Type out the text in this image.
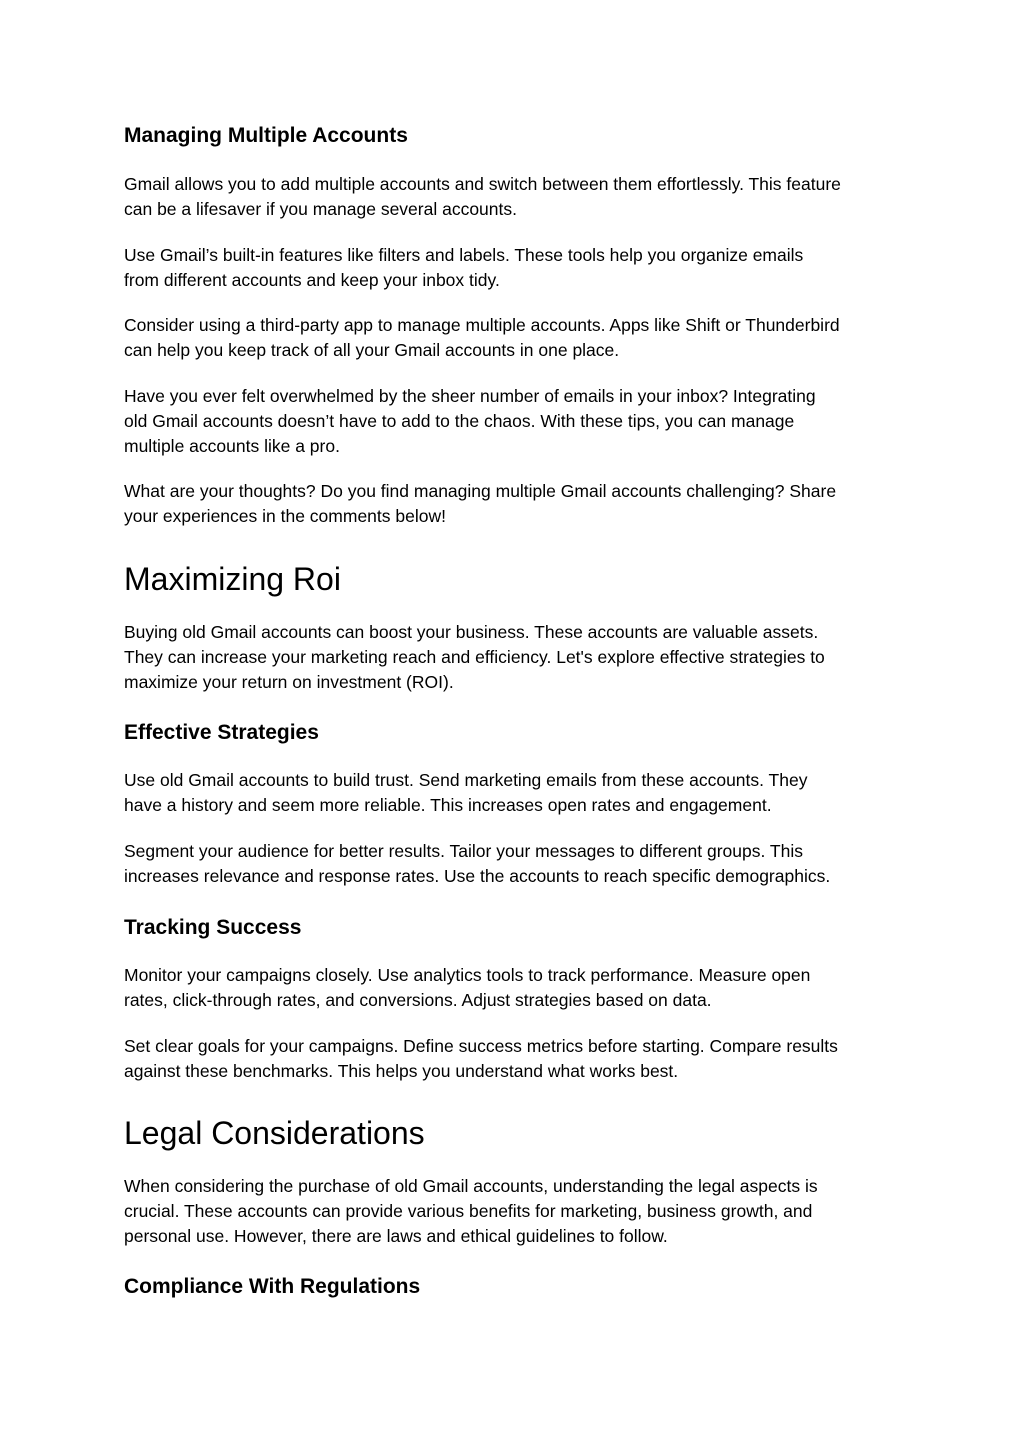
Managing Multiple Accounts

Gmail allows you to add multiple accounts and switch between them effortlessly. This feature
can be a lifesaver if you manage several accounts.

Use Gmail’s built-in features like filters and labels. These tools help you organize emails
from different accounts and keep your inbox tidy.

Consider using a third-party app to manage multiple accounts. Apps like Shift or Thunderbird
can help you keep track of all your Gmail accounts in one place.

Have you ever felt overwhelmed by the sheer number of emails in your inbox? Integrating
old Gmail accounts doesn’t have to add to the chaos. With these tips, you can manage
multiple accounts like a pro.

What are your thoughts? Do you find managing multiple Gmail accounts challenging? Share
your experiences in the comments below!

Maximizing Roi

Buying old Gmail accounts can boost your business. These accounts are valuable assets.
They can increase your marketing reach and efficiency. Let's explore effective strategies to
maximize your return on investment (ROI).

Effective Strategies

Use old Gmail accounts to build trust. Send marketing emails from these accounts. They
have a history and seem more reliable. This increases open rates and engagement.

Segment your audience for better results. Tailor your messages to different groups. This
increases relevance and response rates. Use the accounts to reach specific demographics.

Tracking Success

Monitor your campaigns closely. Use analytics tools to track performance. Measure open
rates, click-through rates, and conversions. Adjust strategies based on data.

Set clear goals for your campaigns. Define success metrics before starting. Compare results
against these benchmarks. This helps you understand what works best.

Legal Considerations

When considering the purchase of old Gmail accounts, understanding the legal aspects is
crucial. These accounts can provide various benefits for marketing, business growth, and
personal use. However, there are laws and ethical guidelines to follow.

Compliance With Regulations
